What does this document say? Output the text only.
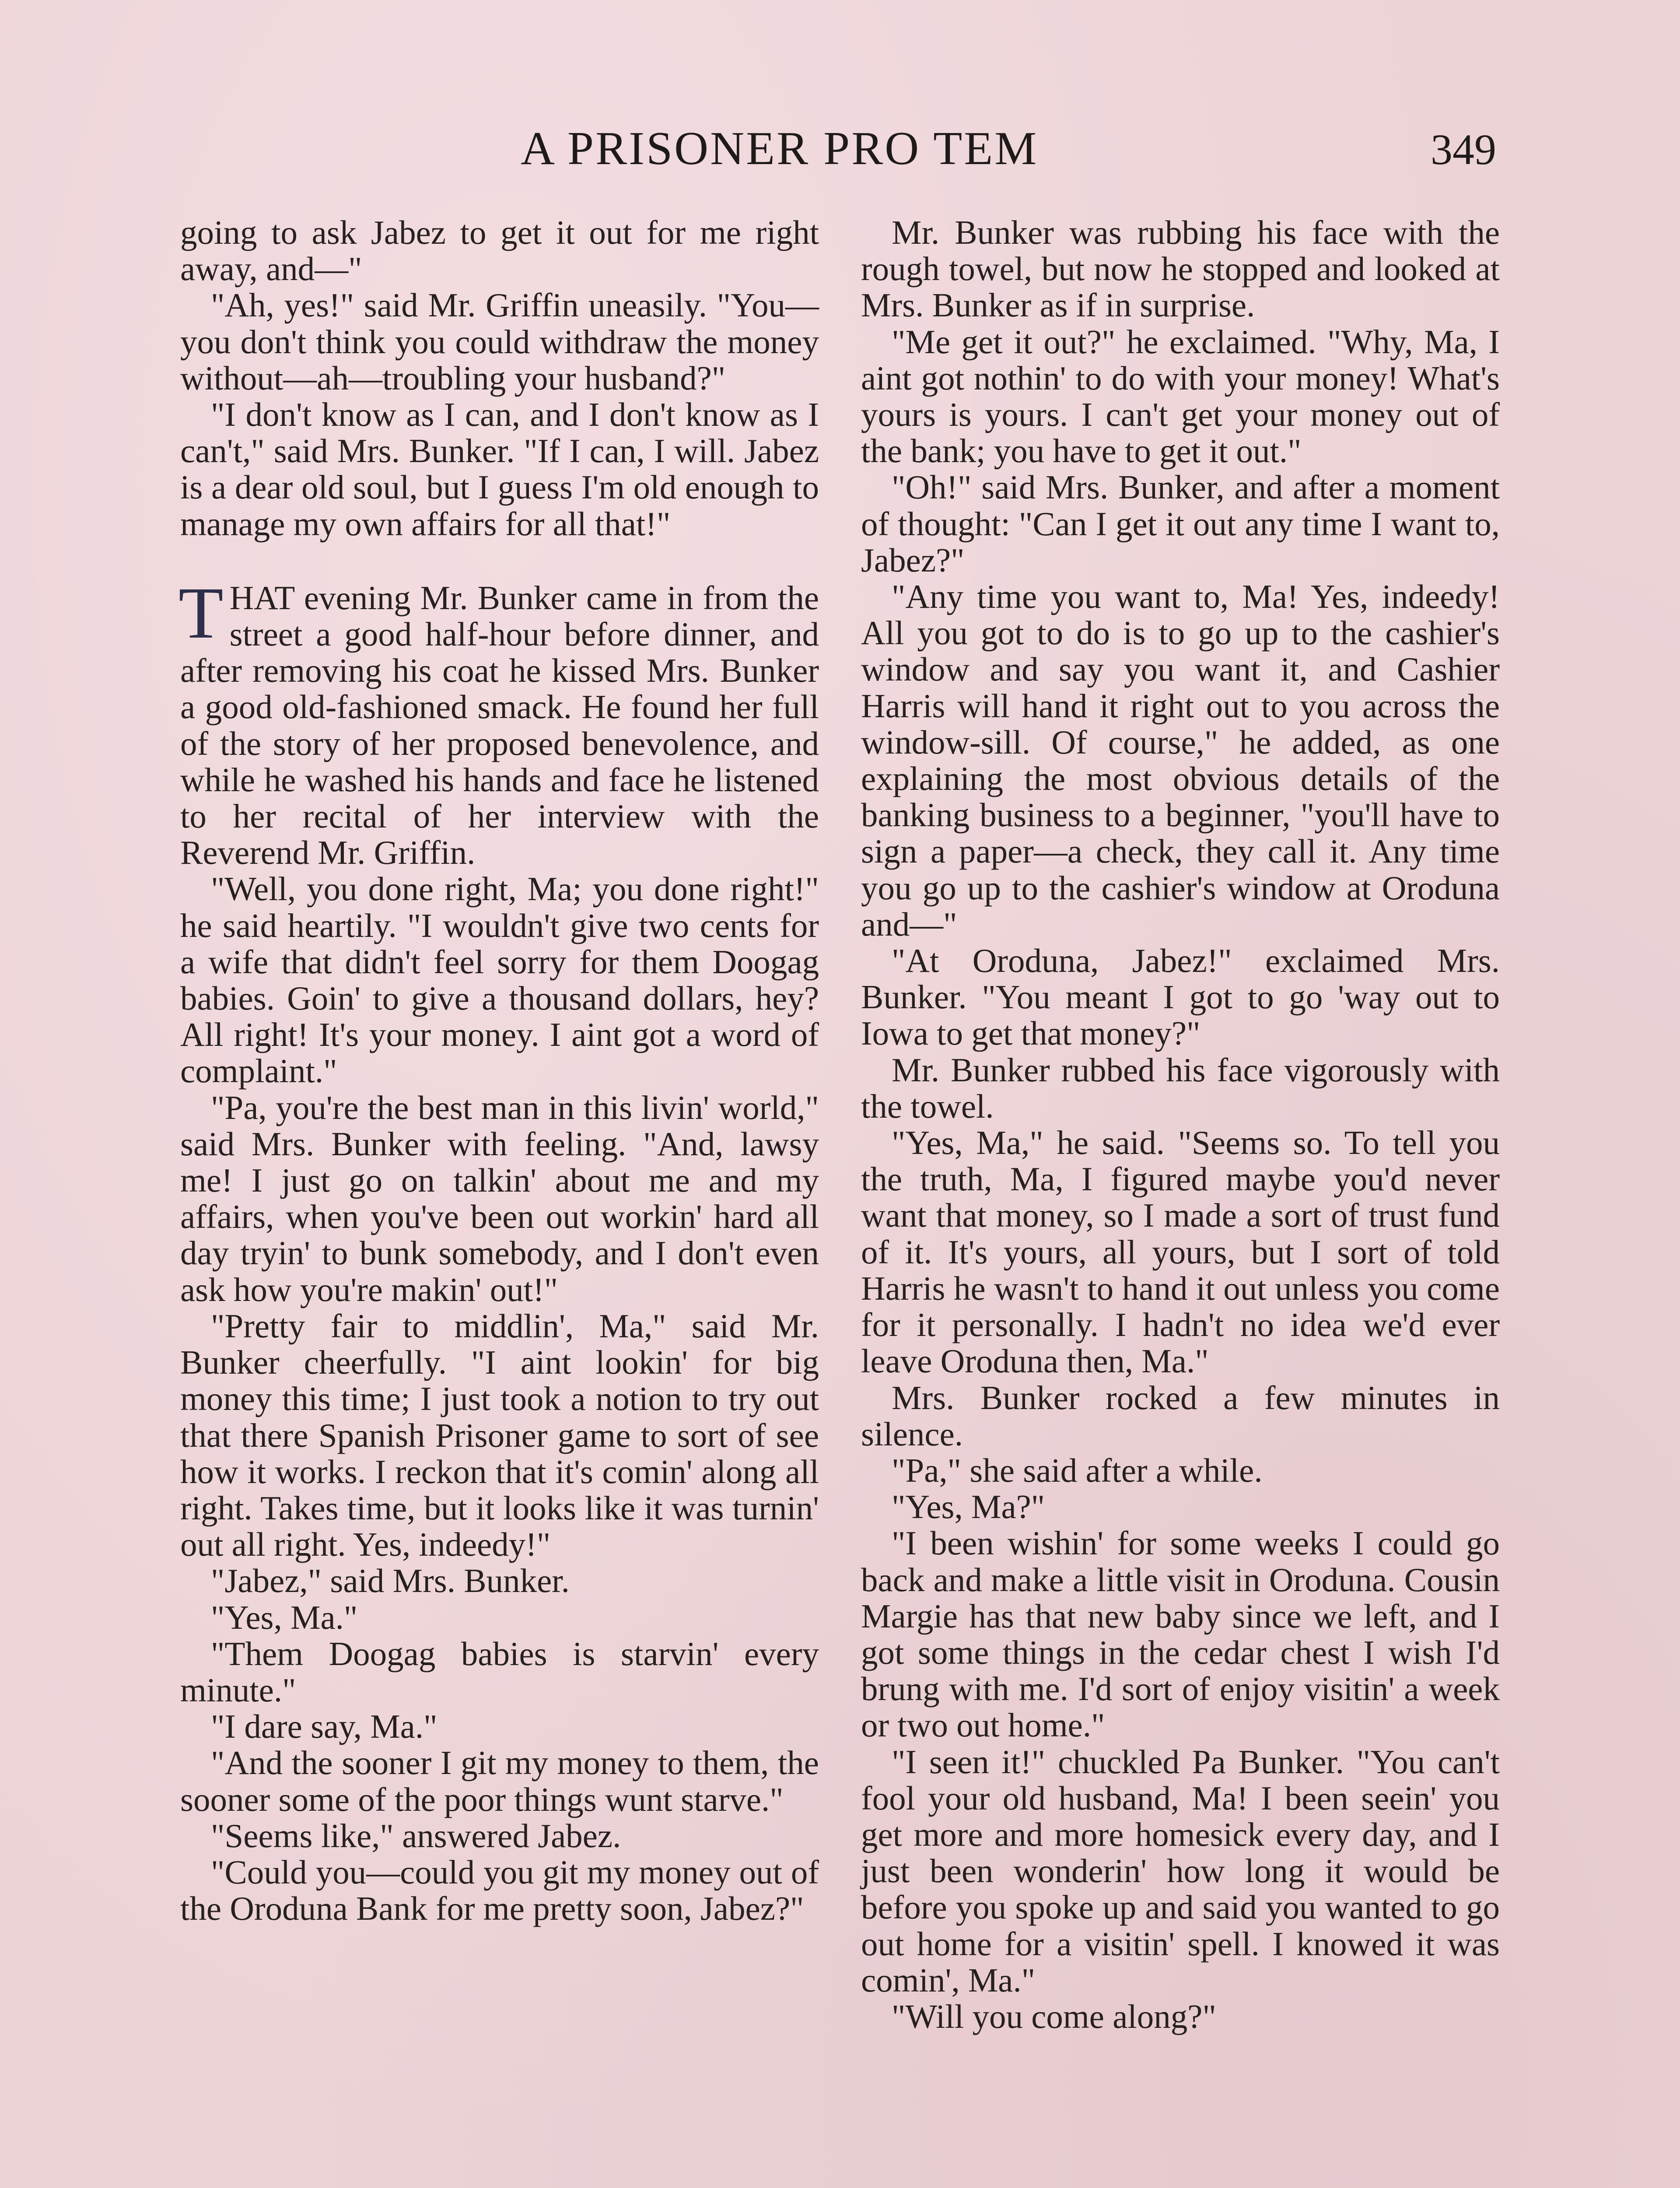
A PRISONER PRO TEM	349

going to ask Jabez to get it out for me right away, and—"

"Ah, yes!" said Mr. Griffin uneasily. "You—you don't think you could withdraw the money without—ah—troubling your husband?"

"I don't know as I can, and I don't know as I can't," said Mrs. Bunker. "If I can, I will. Jabez is a dear old soul, but I guess I'm old enough to manage my own affairs for all that!"

THAT evening Mr. Bunker came in from the street a good half-hour before dinner, and after removing his coat he kissed Mrs. Bunker a good old-fashioned smack. He found her full of the story of her proposed benevolence, and while he washed his hands and face he listened to her recital of her interview with the Reverend Mr. Griffin.

"Well, you done right, Ma; you done right!" he said heartily. "I wouldn't give two cents for a wife that didn't feel sorry for them Doogag babies. Goin' to give a thousand dollars, hey? All right! It's your money. I aint got a word of complaint."

"Pa, you're the best man in this livin' world," said Mrs. Bunker with feeling. "And, lawsy me! I just go on talkin' about me and my affairs, when you've been out workin' hard all day tryin' to bunk somebody, and I don't even ask how you're makin' out!"

"Pretty fair to middlin', Ma," said Mr. Bunker cheerfully. "I aint lookin' for big money this time; I just took a notion to try out that there Spanish Prisoner game to sort of see how it works. I reckon that it's comin' along all right. Takes time, but it looks like it was turnin' out all right. Yes, indeedy!"

"Jabez," said Mrs. Bunker.

"Yes, Ma."

"Them Doogag babies is starvin' every minute."

"I dare say, Ma."

"And the sooner I git my money to them, the sooner some of the poor things wunt starve."

"Seems like," answered Jabez.

"Could you—could you git my money out of the Oroduna Bank for me pretty soon, Jabez?"

Mr. Bunker was rubbing his face with the rough towel, but now he stopped and looked at Mrs. Bunker as if in surprise.

"Me get it out?" he exclaimed. "Why, Ma, I aint got nothin' to do with your money! What's yours is yours. I can't get your money out of the bank; you have to get it out."

"Oh!" said Mrs. Bunker, and after a moment of thought: "Can I get it out any time I want to, Jabez?"

"Any time you want to, Ma! Yes, indeedy! All you got to do is to go up to the cashier's window and say you want it, and Cashier Harris will hand it right out to you across the window-sill. Of course," he added, as one explaining the most obvious details of the banking business to a beginner, "you'll have to sign a paper—a check, they call it. Any time you go up to the cashier's window at Oroduna and—"

"At Oroduna, Jabez!" exclaimed Mrs. Bunker. "You meant I got to go 'way out to Iowa to get that money?"

Mr. Bunker rubbed his face vigorously with the towel.

"Yes, Ma," he said. "Seems so. To tell you the truth, Ma, I figured maybe you'd never want that money, so I made a sort of trust fund of it. It's yours, all yours, but I sort of told Harris he wasn't to hand it out unless you come for it personally. I hadn't no idea we'd ever leave Oroduna then, Ma."

Mrs. Bunker rocked a few minutes in silence.

"Pa," she said after a while.

"Yes, Ma?"

"I been wishin' for some weeks I could go back and make a little visit in Oroduna. Cousin Margie has that new baby since we left, and I got some things in the cedar chest I wish I'd brung with me. I'd sort of enjoy visitin' a week or two out home."

"I seen it!" chuckled Pa Bunker. "You can't fool your old husband, Ma! I been seein' you get more and more homesick every day, and I just been wonderin' how long it would be before you spoke up and said you wanted to go out home for a visitin' spell. I knowed it was comin', Ma."

"Will you come along?"
